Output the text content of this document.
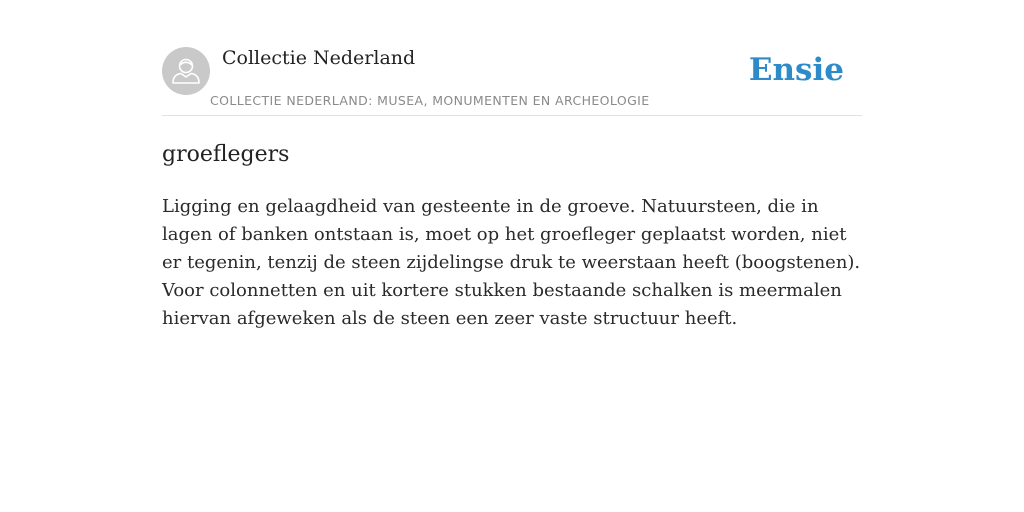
Collectie Nederland
COLLECTIE NEDERLAND: MUSEA, MONUMENTEN EN ARCHEOLOGIE
Ensie
groeflegers

Ligging en gelaagdheid van gesteente in de groeve. Natuursteen, die in lagen of banken ontstaan is, moet op het groefleger geplaatst worden, niet er tegenin, tenzij de steen zijdelingse druk te weerstaan heeft (boogstenen). Voor colonnetten en uit kortere stukken bestaande schalken is meermalen hiervan afgeweken als de steen een zeer vaste structuur heeft.
